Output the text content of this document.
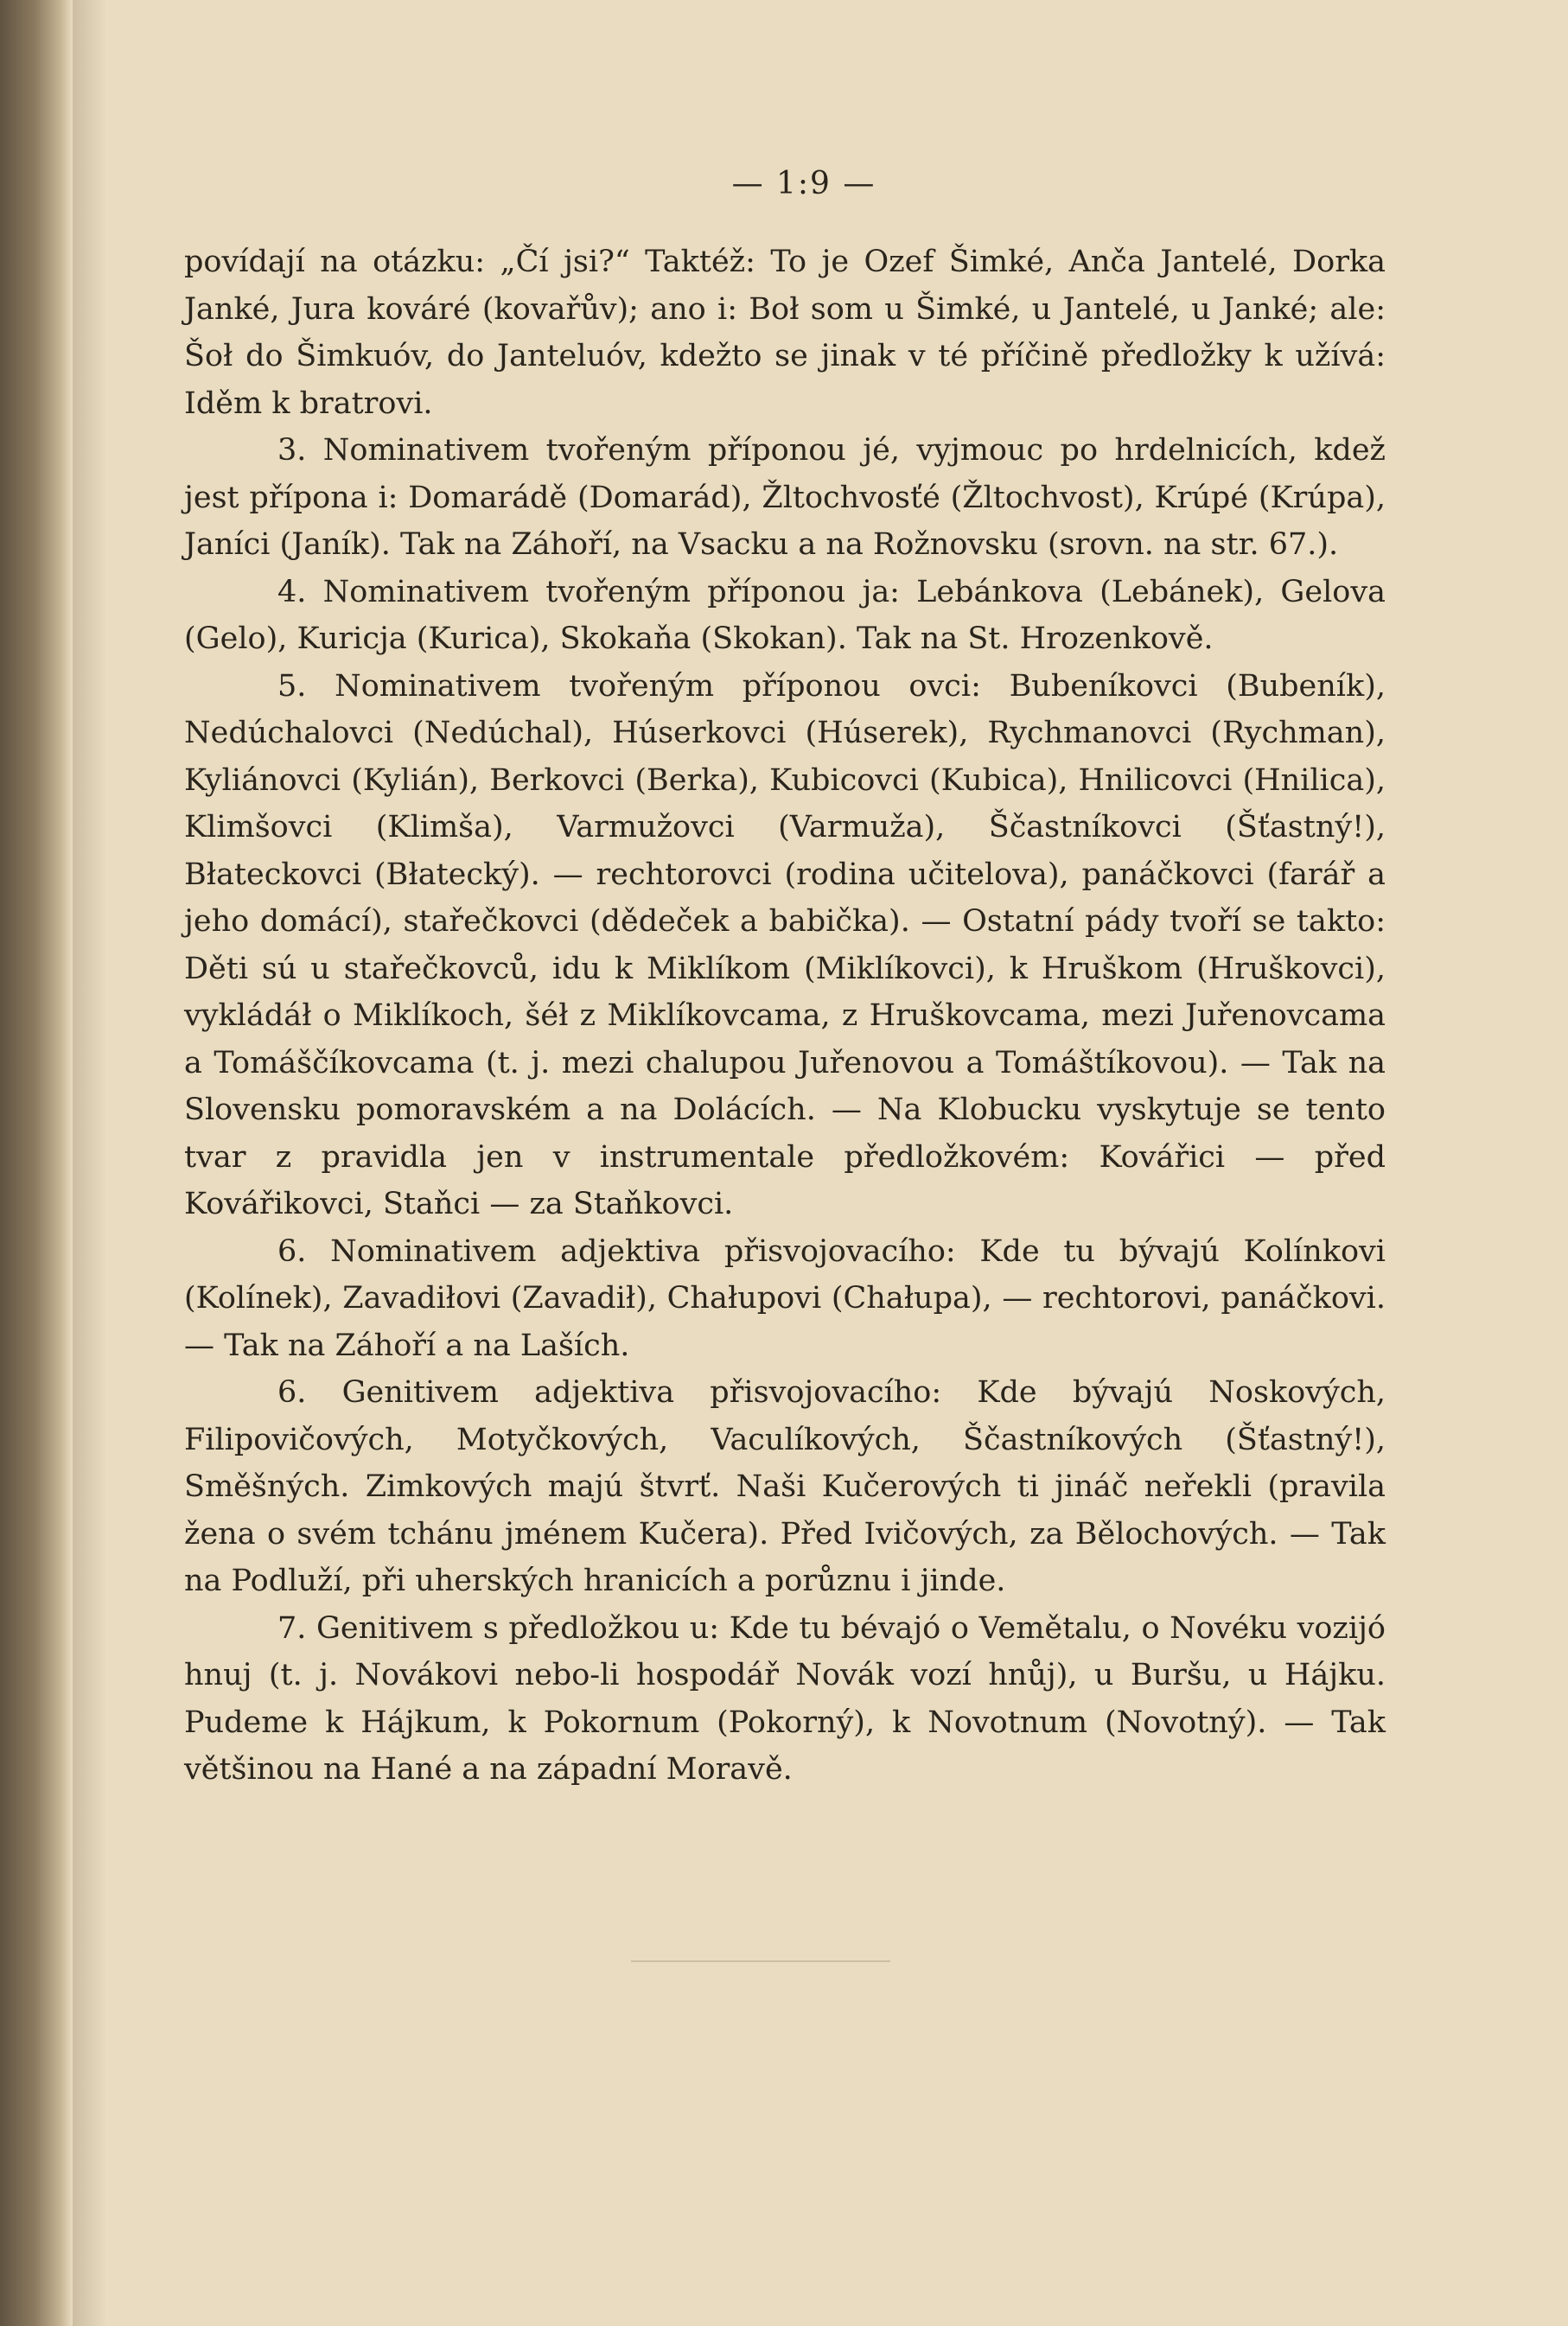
— 1:9 —

povídají na otázku: „Čí jsi?“ Taktéž: To je Ozef Šimké, Anča Jantelé, Dorka Janké, Jura kováré (kovařův); ano i: Boł som u Šimké, u Jantelé, u Janké; ale: Šoł do Šimkuóv, do Janteluóv, kdežto se jinak v té příčině předložky k užívá: Iděm k bratrovi.

3. Nominativem tvořeným příponou jé, vyjmouc po hrdelnicích, kdež jest přípona i: Domarádě (Domarád), Žltochvosťé (Žltochvost), Krúpé (Krúpa), Janíci (Janík). Tak na Záhoří, na Vsacku a na Rožnovsku (srovn. na str. 67.).

4. Nominativem tvořeným příponou ja: Lebánkova (Lebánek), Gelova (Gelo), Kuricja (Kurica), Skokaňa (Skokan). Tak na St. Hrozenkově.

5. Nominativem tvořeným příponou ovci: Bubeníkovci (Bubeník), Nedúchalovci (Nedúchal), Húserkovci (Húserek), Rychmanovci (Rychman), Kyliánovci (Kylián), Berkovci (Berka), Kubicovci (Kubica), Hnilicovci (Hnilica), Klimšovci (Klimša), Varmužovci (Varmuža), Ščastníkovci (Šťastný!), Błateckovci (Błatecký). — rechtorovci (rodina učitelova), panáčkovci (farář a jeho domácí), stařečkovci (dědeček a babička). — Ostatní pády tvoří se takto: Děti sú u stařečkovců, idu k Miklíkom (Miklíkovci), k Hruškom (Hruškovci), vykládáł o Miklíkoch, šéł z Miklíkovcama, z Hruškovcama, mezi Juřenovcama a Tomáščíkovcama (t. j. mezi chalupou Juřenovou a Tomáštíkovou). — Tak na Slovensku pomoravském a na Dolácích. — Na Klobucku vyskytuje se tento tvar z pravidla jen v instrumentale předložkovém: Kovářici — před Kovářikovci, Staňci — za Staňkovci.

6. Nominativem adjektiva přisvojovacího: Kde tu bývajú Kolínkovi (Kolínek), Zavadiłovi (Zavadił), Chałupovi (Chałupa), — rechtorovi, panáčkovi. — Tak na Záhoří a na Laších.

6. Genitivem adjektiva přisvojovacího: Kde bývajú Noskových, Filipovičových, Motyčkových, Vaculíkových, Ščastníkových (Šťastný!), Směšných. Zimkových majú štvrť. Naši Kučerových ti jináč neřekli (pravila žena o svém tchánu jménem Kučera). Před Ivičových, za Bělochových. — Tak na Podluží, při uherských hranicích a porůznu i jinde.

7. Genitivem s předložkou u: Kde tu bévajó o Vemětalu, o Novéku vozijó hnuj (t. j. Novákovi nebo-li hospodář Novák vozí hnůj), u Buršu, u Hájku. Pudeme k Hájkum, k Pokornum (Pokorný), k Novotnum (Novotný). — Tak většinou na Hané a na západní Moravě.
